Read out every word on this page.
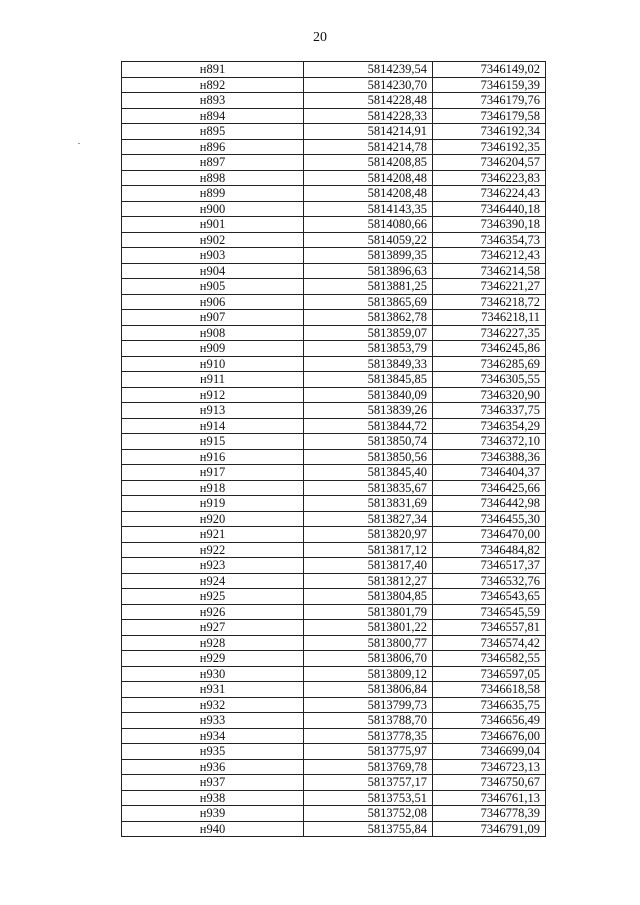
20
н891	5814239,54	7346149,02
н892	5814230,70	7346159,39
н893	5814228,48	7346179,76
н894	5814228,33	7346179,58
н895	5814214,91	7346192,34
н896	5814214,78	7346192,35
н897	5814208,85	7346204,57
н898	5814208,48	7346223,83
н899	5814208,48	7346224,43
н900	5814143,35	7346440,18
н901	5814080,66	7346390,18
н902	5814059,22	7346354,73
н903	5813899,35	7346212,43
н904	5813896,63	7346214,58
н905	5813881,25	7346221,27
н906	5813865,69	7346218,72
н907	5813862,78	7346218,11
н908	5813859,07	7346227,35
н909	5813853,79	7346245,86
н910	5813849,33	7346285,69
н911	5813845,85	7346305,55
н912	5813840,09	7346320,90
н913	5813839,26	7346337,75
н914	5813844,72	7346354,29
н915	5813850,74	7346372,10
н916	5813850,56	7346388,36
н917	5813845,40	7346404,37
н918	5813835,67	7346425,66
н919	5813831,69	7346442,98
н920	5813827,34	7346455,30
н921	5813820,97	7346470,00
н922	5813817,12	7346484,82
н923	5813817,40	7346517,37
н924	5813812,27	7346532,76
н925	5813804,85	7346543,65
н926	5813801,79	7346545,59
н927	5813801,22	7346557,81
н928	5813800,77	7346574,42
н929	5813806,70	7346582,55
н930	5813809,12	7346597,05
н931	5813806,84	7346618,58
н932	5813799,73	7346635,75
н933	5813788,70	7346656,49
н934	5813778,35	7346676,00
н935	5813775,97	7346699,04
н936	5813769,78	7346723,13
н937	5813757,17	7346750,67
н938	5813753,51	7346761,13
н939	5813752,08	7346778,39
н940	5813755,84	7346791,09
